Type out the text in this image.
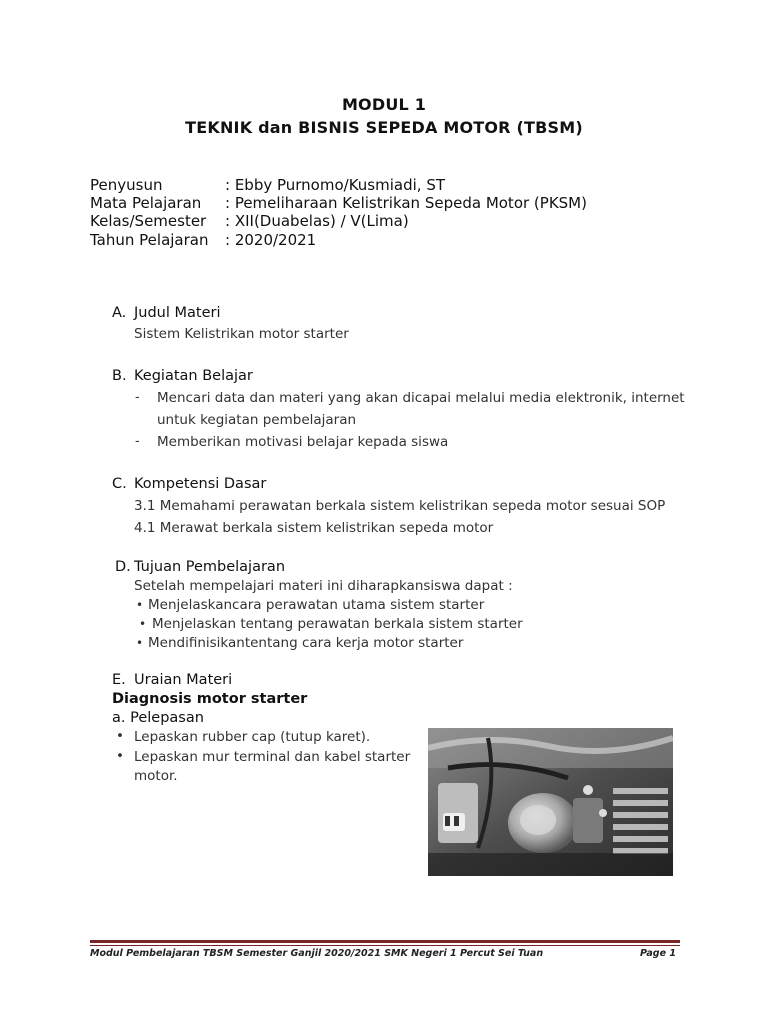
MODUL 1
TEKNIK dan BISNIS SEPEDA MOTOR (TBSM)
Penyusun	: Ebby Purnomo/Kusmiadi, ST
Mata Pelajaran : Pemeliharaan Kelistrikan Sepeda Motor (PKSM)
Kelas/Semester : XII(Duabelas) / V(Lima)
Tahun Pelajaran : 2020/2021
A. Judul Materi
Sistem Kelistrikan motor starter
B. Kegiatan Belajar
- Mencari data dan materi yang akan dicapai melalui media elektronik, internet
untuk kegiatan pembelajaran
- Memberikan motivasi belajar kepada siswa
C. Kompetensi Dasar
3.1 Memahami perawatan berkala sistem kelistrikan sepeda motor sesuai SOP
4.1 Merawat berkala sistem kelistrikan sepeda motor
D. Tujuan Pembelajaran
Setelah mempelajari materi ini diharapkansiswa dapat :
• Menjelaskancara perawatan utama sistem starter
• Menjelaskan tentang perawatan berkala sistem starter
• Mendifinisikantentang cara kerja motor starter
E. Uraian Materi
Diagnosis motor starter
a. Pelepasan
• Lepaskan rubber cap (tutup karet).
• Lepaskan mur terminal dan kabel starter
motor.
Modul Pembelajaran TBSM Semester Ganjil 2020/2021 SMK Negeri 1 Percut Sei Tuan	Page 1
